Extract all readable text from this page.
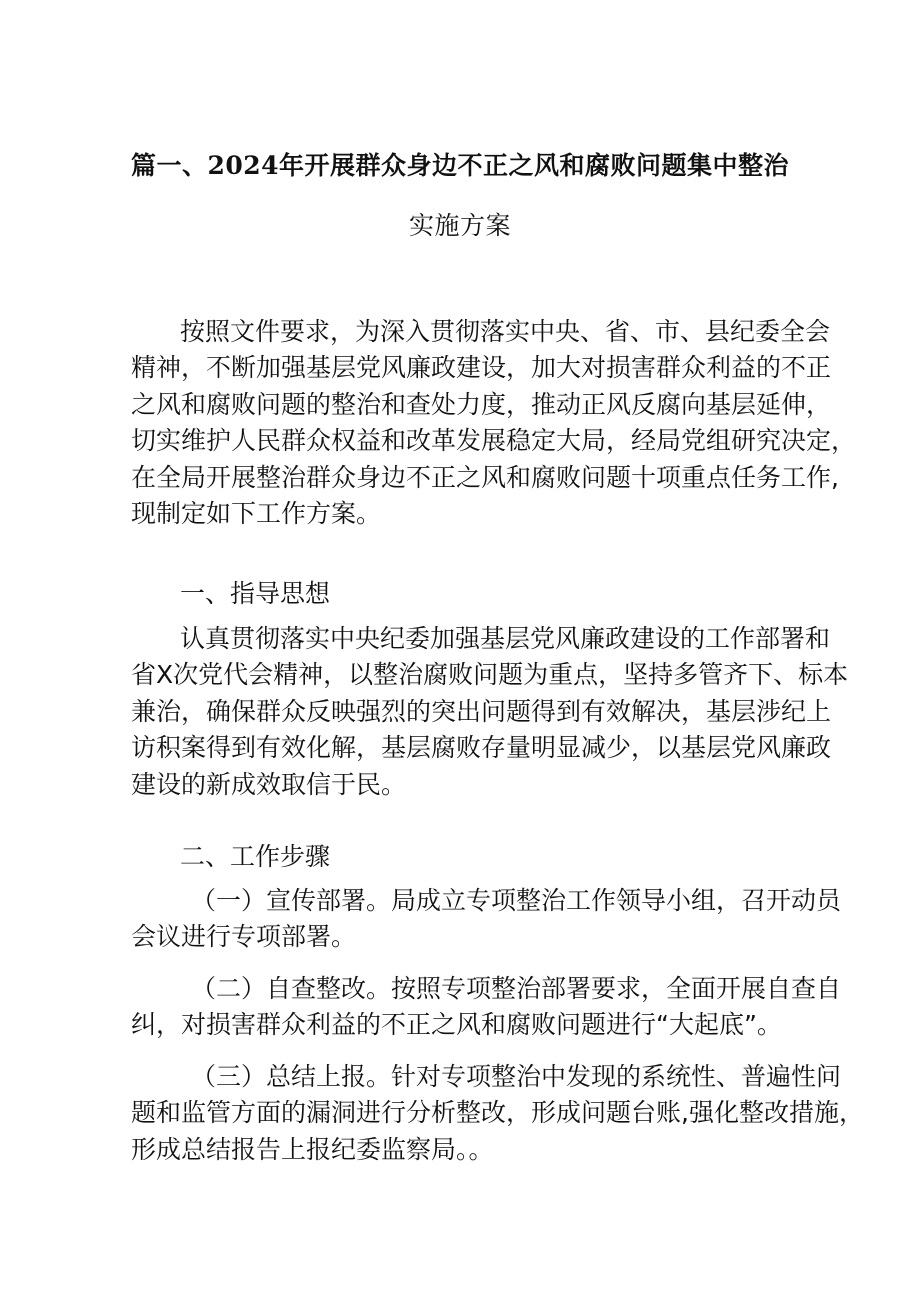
篇一、2024年开展群众身边不正之风和腐败问题集中整治
实施方案
按照文件要求，为深入贯彻落实中央、省、市、县纪委全会
精神，不断加强基层党风廉政建设，加大对损害群众利益的不正
之风和腐败问题的整治和查处力度，推动正风反腐向基层延伸，
切实维护人民群众权益和改革发展稳定大局，经局党组研究决定，
在全局开展整治群众身边不正之风和腐败问题十项重点任务工作,
现制定如下工作方案。
一、指导思想
认真贯彻落实中央纪委加强基层党风廉政建设的工作部署和
省X次党代会精神，以整治腐败问题为重点，坚持多管齐下、标本
兼治，确保群众反映强烈的突出问题得到有效解决，基层涉纪上
访积案得到有效化解，基层腐败存量明显减少，以基层党风廉政
建设的新成效取信于民。
二、工作步骤
（一）宣传部署。局成立专项整治工作领导小组，召开动员
会议进行专项部署。
（二）自查整改。按照专项整治部署要求，全面开展自查自
纠，对损害群众利益的不正之风和腐败问题进行“大起底”。
（三）总结上报。针对专项整治中发现的系统性、普遍性问
题和监管方面的漏洞进行分析整改，形成问题台账,强化整改措施，
形成总结报告上报纪委监察局。。
